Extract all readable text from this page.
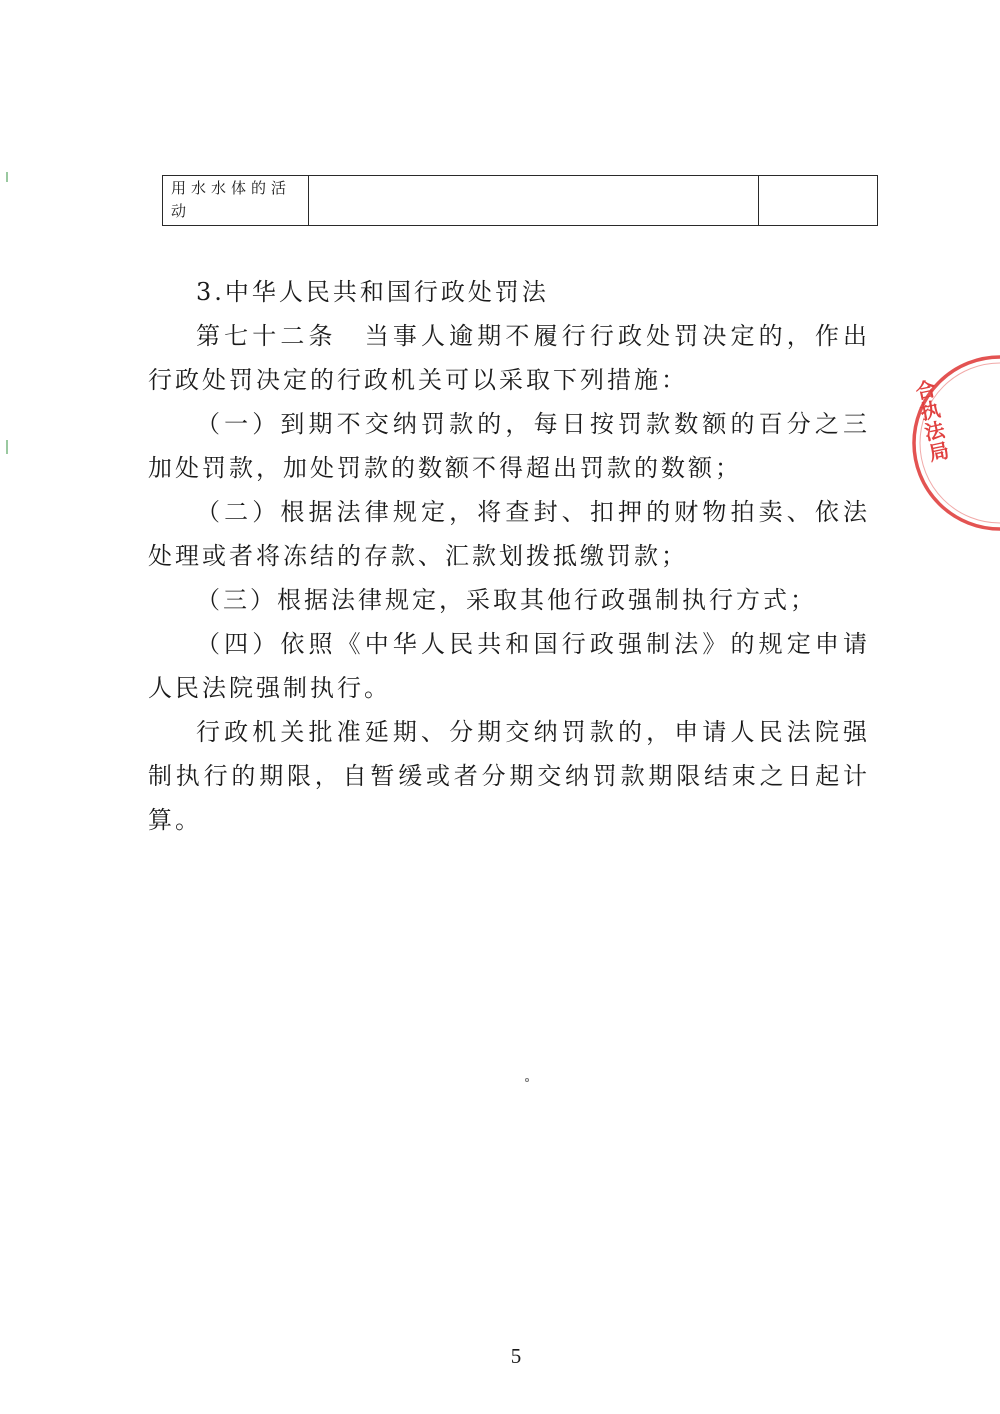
用水水体的活动

3.中华人民共和国行政处罚法

第七十二条　当事人逾期不履行行政处罚决定的，作出行政处罚决定的行政机关可以采取下列措施：

（一）到期不交纳罚款的，每日按罚款数额的百分之三加处罚款，加处罚款的数额不得超出罚款的数额；

（二）根据法律规定，将查封、扣押的财物拍卖、依法处理或者将冻结的存款、汇款划拨抵缴罚款；

（三）根据法律规定，采取其他行政强制执行方式；

（四）依照《中华人民共和国行政强制法》的规定申请人民法院强制执行。

行政机关批准延期、分期交纳罚款的，申请人民法院强制执行的期限，自暂缓或者分期交纳罚款期限结束之日起计算。

合执法局
5
